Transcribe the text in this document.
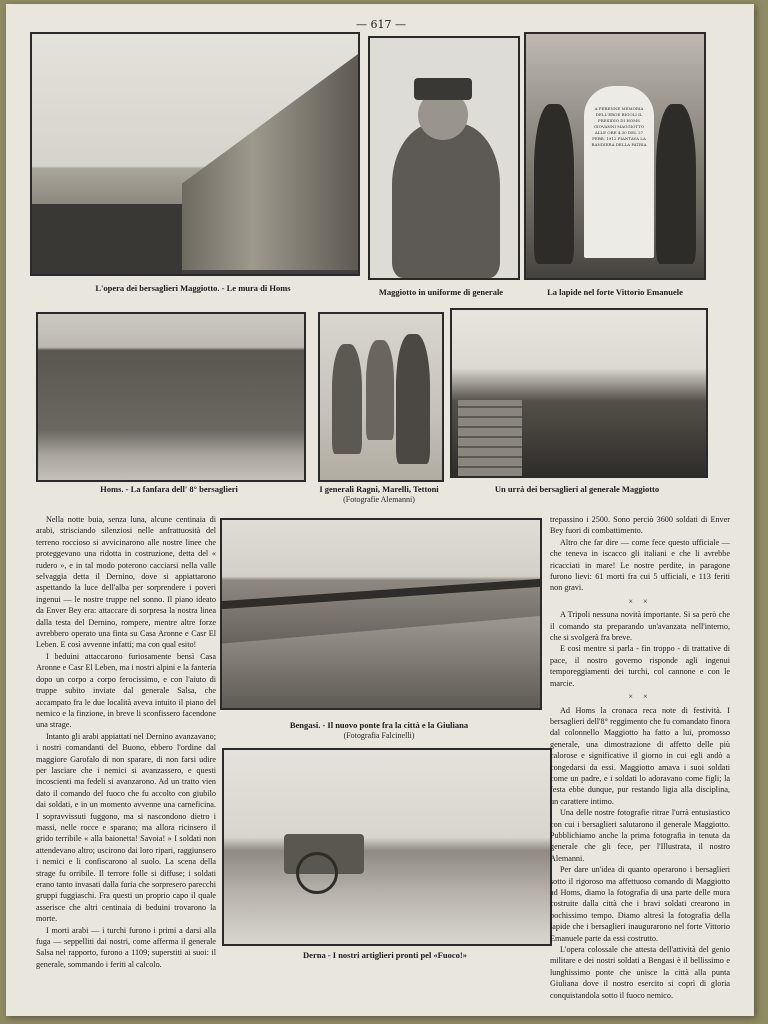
— 617 —
L'opera dei bersaglieri Maggiotto. - Le mura di Homs	Maggiotto in uniforme di generale
A PERENNE MEMORIA DELL'EROE BIGOLI IL PRESIDIO DI HOMS GIOVANNI MAGGIOTTO ALLE ORE 4,30 DEL 27 FEBB. 1912 PIANTAVA LA BANDIERA DELLA PATRIA
La lapide nel forte Vittorio Emanuele
Homs. - La fanfara dell' 8° bersaglieri	I generali Ragni, Marelli, Tettoni
(Fotografie Alemanni)
Un urrà dei bersaglieri al generale Maggiotto

Nella notte buia, senza luna, alcune centinaia di arabi, strisciando silenziosi nelle anfrattuosità del terreno roccioso si avvicinarono alle nostre linee che proteggevano una ridotta in costruzione, detta del « rudero », e in tal modo poterono cacciarsi nella valle selvaggia detta il Dernino, dove si appiattarono aspettando la luce dell'alba per sorprendere i poveri ingenui — le nostre truppe nel sonno. Il piano ideato da Enver Bey era: attaccare di sorpresa la nostra linea dalla testa del Dernino, rompere, mentre altre forze avrebbero operato una finta su Casa Aronne e Casr El Leben. E così avvenne infatti; ma con qual esito!

I beduini attaccarono furiosamente bensì Casa Aronne e Casr El Leben, ma i nostri alpini e la fanteria dopo un corpo a corpo ferocissimo, e con l'aiuto di truppe subito inviate dal generale Salsa, che accampato fra le due località aveva intuito il piano del nemico e la finzione, in breve li sconfissero facendone una strage.

Intanto gli arabi appiattati nel Dernino avanzavano; i nostri comandanti del Buono, ebbero l'ordine dal maggiore Garofalo di non sparare, di non farsi udire per lasciare che i nemici si avanzassero, e questi incoscienti ma fedeli si avanzarono. Ad un tratto vien dato il comando del fuoco che fu accolto con giubilo dai soldati, e in un momento avvenne una carneficina. I sopravvissuti fuggono, ma si nascondono dietro i massi, nelle rocce e sparano; ma allora ricinsero il grido terribile « alla baionetta! Savoia! » I soldati non attendevano altro; uscirono dai loro ripari, raggiunsero i nemici e li confiscarono al suolo. La scena della strage fu orribile. Il terrore folle si diffuse; i soldati erano tanto invasati dalla furia che sorpresero parecchi gruppi fuggiaschi. Fra questi un proprio capo il quale asserisce che altri centinaia di beduini trovarono la morte.

I morti arabi — i turchi furono i primi a darsi alla fuga — seppelliti dai nostri, come afferma il generale Salsa nel rapporto, furono a 1109; superstiti ai suoi: il generale, sommando i feriti al calcolo.

Bengasi. - Il nuovo ponte fra la città e la Giuliana
(Fotografia Falcinelli)
Derna - I nostri artiglieri pronti pel «Fuoco!»

trepassino i 2500. Sono perciò 3600 soldati di Enver Bey fuori di combattimento.

Altro che far dire — come fece questo ufficiale — che teneva in iscacco gli italiani e che li avrebbe ricacciati in mare! Le nostre perdite, in paragone furono lievi: 61 morti fra cui 5 ufficiali, e 113 feriti non gravi.

× ×

A Tripoli nessuna novità importante. Si sa però che il comando sta preparando un'avanzata nell'interno, che si svolgerà fra breve.

E così mentre si parla - fin troppo - di trattative di pace, il nostro governo risponde agli ingenui temporeggiamenti dei turchi, col cannone e con le marcie.

× ×

Ad Homs la cronaca reca note di festività. I bersaglieri dell'8° reggimento che fu comandato finora dal colonnello Maggiotto ha fatto a lui, promosso generale, una dimostrazione di affetto delle più calorose e significative il giorno in cui egli andò a congedarsi da essi. Maggiotto amava i suoi soldati come un padre, e i soldati lo adoravano come figli; la festa ebbe dunque, pur restando ligia alla disciplina, un carattere intimo.

Una delle nostre fotografie ritrae l'urrà entusiastico con cui i bersaglieri salutarono il generale Maggiotto. Pubblichiamo anche la prima fotografia in tenuta da generale che gli fece, per l'Illustrata, il nostro Alemanni.

Per dare un'idea di quanto operarono i bersaglieri sotto il rigoroso ma affettuoso comando di Maggiotto ad Homs, diamo la fotografia di una parte delle mura costruite dalla città che i bravi soldati crearono in pochissimo tempo. Diamo altresì la fotografia della lapide che i bersaglieri inaugurarono nel forte Vittorio Emanuele parte da essi costrutto.

L'opera colossale che attesta dell'attività del genio militare e dei nostri soldati a Bengasi è il bellissimo e lunghissimo ponte che unisce la città alla punta Giuliana dove il nostro esercito si coprì di gloria conquistandola sotto il fuoco nemico.
